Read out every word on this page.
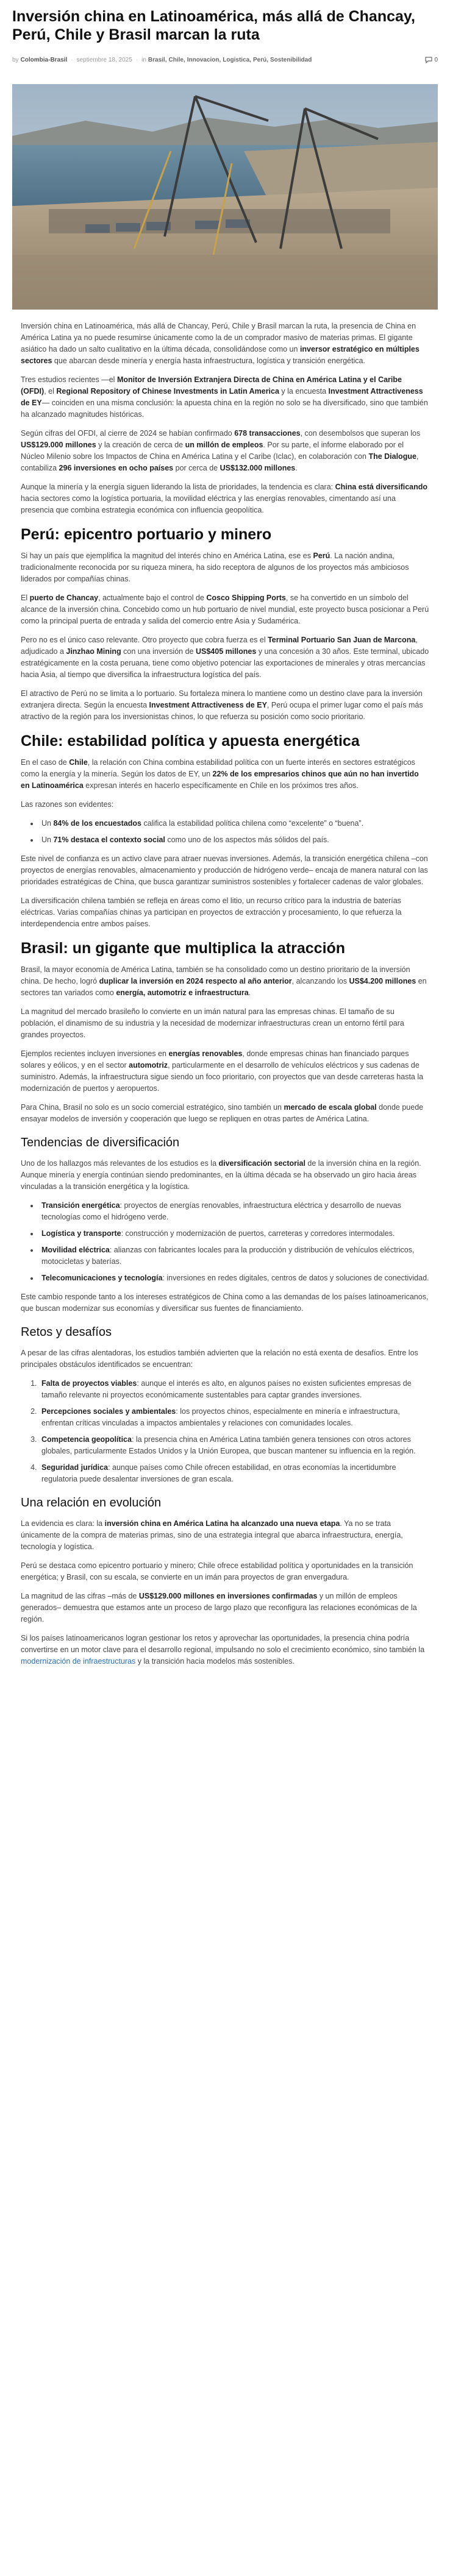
Inversión china en Latinoamérica, más allá de Chancay, Perú, Chile y Brasil marcan la ruta
by Colombia-Brasil · septiembre 18, 2025 · in Brasil, Chile, Innovacion, Logistica, Perú, Sostenibilidad	0

Inversión china en Latinoamérica, más allá de Chancay, Perú, Chile y Brasil marcan la ruta, la presencia de China en América Latina ya no puede resumirse únicamente como la de un comprador masivo de materias primas. El gigante asiático ha dado un salto cualitativo en la última década, consolidándose como un inversor estratégico en múltiples sectores que abarcan desde minería y energía hasta infraestructura, logística y transición energética.

Tres estudios recientes —el Monitor de Inversión Extranjera Directa de China en América Latina y el Caribe (OFDI), el Regional Repository of Chinese Investments in Latin America y la encuesta Investment Attractiveness de EY— coinciden en una misma conclusión: la apuesta china en la región no solo se ha diversificado, sino que también ha alcanzado magnitudes históricas.

Según cifras del OFDI, al cierre de 2024 se habían confirmado 678 transacciones, con desembolsos que superan los US$129.000 millones y la creación de cerca de un millón de empleos. Por su parte, el informe elaborado por el Núcleo Milenio sobre los Impactos de China en América Latina y el Caribe (Iclac), en colaboración con The Dialogue, contabiliza 296 inversiones en ocho países por cerca de US$132.000 millones.

Aunque la minería y la energía siguen liderando la lista de prioridades, la tendencia es clara: China está diversificando hacia sectores como la logística portuaria, la movilidad eléctrica y las energías renovables, cimentando así una presencia que combina estrategia económica con influencia geopolítica.

Perú: epicentro portuario y minero

Si hay un país que ejemplifica la magnitud del interés chino en América Latina, ese es Perú. La nación andina, tradicionalmente reconocida por su riqueza minera, ha sido receptora de algunos de los proyectos más ambiciosos liderados por compañías chinas.

El puerto de Chancay, actualmente bajo el control de Cosco Shipping Ports, se ha convertido en un símbolo del alcance de la inversión china. Concebido como un hub portuario de nivel mundial, este proyecto busca posicionar a Perú como la principal puerta de entrada y salida del comercio entre Asia y Sudamérica.

Pero no es el único caso relevante. Otro proyecto que cobra fuerza es el Terminal Portuario San Juan de Marcona, adjudicado a Jinzhao Mining con una inversión de US$405 millones y una concesión a 30 años. Este terminal, ubicado estratégicamente en la costa peruana, tiene como objetivo potenciar las exportaciones de minerales y otras mercancías hacia Asia, al tiempo que diversifica la infraestructura logística del país.

El atractivo de Perú no se limita a lo portuario. Su fortaleza minera lo mantiene como un destino clave para la inversión extranjera directa. Según la encuesta Investment Attractiveness de EY, Perú ocupa el primer lugar como el país más atractivo de la región para los inversionistas chinos, lo que refuerza su posición como socio prioritario.

Chile: estabilidad política y apuesta energética

En el caso de Chile, la relación con China combina estabilidad política con un fuerte interés en sectores estratégicos como la energía y la minería. Según los datos de EY, un 22% de los empresarios chinos que aún no han invertido en Latinoamérica expresan interés en hacerlo específicamente en Chile en los próximos tres años.

Las razones son evidentes:

• Un 84% de los encuestados califica la estabilidad política chilena como “excelente” o “buena”.
• Un 71% destaca el contexto social como uno de los aspectos más sólidos del país.

Este nivel de confianza es un activo clave para atraer nuevas inversiones. Además, la transición energética chilena –con proyectos de energías renovables, almacenamiento y producción de hidrógeno verde– encaja de manera natural con las prioridades estratégicas de China, que busca garantizar suministros sostenibles y fortalecer cadenas de valor globales.

La diversificación chilena también se refleja en áreas como el litio, un recurso crítico para la industria de baterías eléctricas. Varias compañías chinas ya participan en proyectos de extracción y procesamiento, lo que refuerza la interdependencia entre ambos países.

Brasil: un gigante que multiplica la atracción

Brasil, la mayor economía de América Latina, también se ha consolidado como un destino prioritario de la inversión china. De hecho, logró duplicar la inversión en 2024 respecto al año anterior, alcanzando los US$4.200 millones en sectores tan variados como energía, automotriz e infraestructura.

La magnitud del mercado brasileño lo convierte en un imán natural para las empresas chinas. El tamaño de su población, el dinamismo de su industria y la necesidad de modernizar infraestructuras crean un entorno fértil para grandes proyectos.

Ejemplos recientes incluyen inversiones en energías renovables, donde empresas chinas han financiado parques solares y eólicos, y en el sector automotriz, particularmente en el desarrollo de vehículos eléctricos y sus cadenas de suministro. Además, la infraestructura sigue siendo un foco prioritario, con proyectos que van desde carreteras hasta la modernización de puertos y aeropuertos.

Para China, Brasil no solo es un socio comercial estratégico, sino también un mercado de escala global donde puede ensayar modelos de inversión y cooperación que luego se repliquen en otras partes de América Latina.

Tendencias de diversificación

Uno de los hallazgos más relevantes de los estudios es la diversificación sectorial de la inversión china en la región. Aunque minería y energía continúan siendo predominantes, en la última década se ha observado un giro hacia áreas vinculadas a la transición energética y la logística.

• Transición energética: proyectos de energías renovables, infraestructura eléctrica y desarrollo de nuevas tecnologías como el hidrógeno verde.
• Logística y transporte: construcción y modernización de puertos, carreteras y corredores intermodales.
• Movilidad eléctrica: alianzas con fabricantes locales para la producción y distribución de vehículos eléctricos, motocicletas y baterías.
• Telecomunicaciones y tecnología: inversiones en redes digitales, centros de datos y soluciones de conectividad.

Este cambio responde tanto a los intereses estratégicos de China como a las demandas de los países latinoamericanos, que buscan modernizar sus economías y diversificar sus fuentes de financiamiento.

Retos y desafíos

A pesar de las cifras alentadoras, los estudios también advierten que la relación no está exenta de desafíos. Entre los principales obstáculos identificados se encuentran:

1. Falta de proyectos viables: aunque el interés es alto, en algunos países no existen suficientes empresas de tamaño relevante ni proyectos económicamente sustentables para captar grandes inversiones.
2. Percepciones sociales y ambientales: los proyectos chinos, especialmente en minería e infraestructura, enfrentan críticas vinculadas a impactos ambientales y relaciones con comunidades locales.
3. Competencia geopolítica: la presencia china en América Latina también genera tensiones con otros actores globales, particularmente Estados Unidos y la Unión Europea, que buscan mantener su influencia en la región.
4. Seguridad jurídica: aunque países como Chile ofrecen estabilidad, en otras economías la incertidumbre regulatoria puede desalentar inversiones de gran escala.
Una relación en evolución

La evidencia es clara: la inversión china en América Latina ha alcanzado una nueva etapa. Ya no se trata únicamente de la compra de materias primas, sino de una estrategia integral que abarca infraestructura, energía, tecnología y logística.

Perú se destaca como epicentro portuario y minero; Chile ofrece estabilidad política y oportunidades en la transición energética; y Brasil, con su escala, se convierte en un imán para proyectos de gran envergadura.

La magnitud de las cifras –más de US$129.000 millones en inversiones confirmadas y un millón de empleos generados– demuestra que estamos ante un proceso de largo plazo que reconfigura las relaciones económicas de la región.

Si los países latinoamericanos logran gestionar los retos y aprovechar las oportunidades, la presencia china podría convertirse en un motor clave para el desarrollo regional, impulsando no solo el crecimiento económico, sino también la modernización de infraestructuras y la transición hacia modelos más sostenibles.
